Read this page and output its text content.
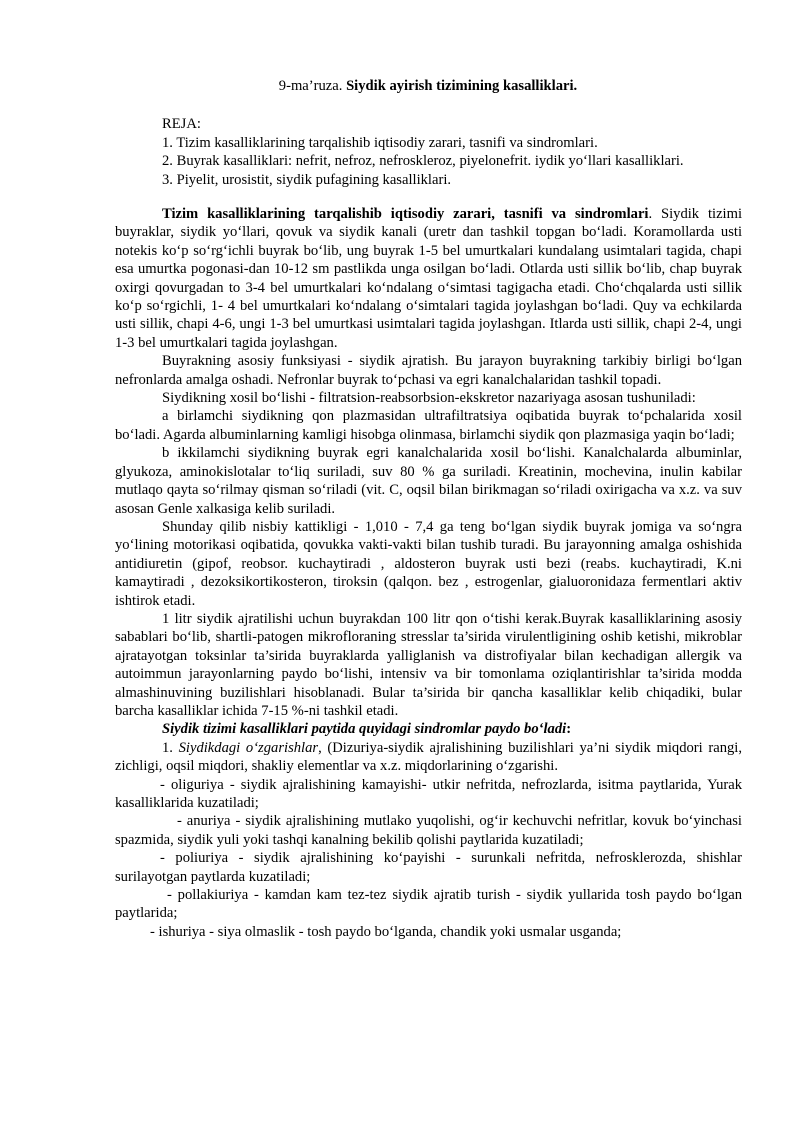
9-ma’ruza. Siydik ayirish tizimining kasalliklari.
REJA:
1. Tizim kasalliklarining tarqalishib iqtisodiy zarari, tasnifi va sindromlari.
2. Buyrak kasalliklari: nefrit, nefroz, nefroskleroz, piyelonefrit. iydik yo‘llari kasalliklari.
3. Piyelit, urosistit, siydik pufagining kasalliklari.

Tizim kasalliklarining tarqalishib iqtisodiy zarari, tasnifi va sindromlari. Siydik tizimi buyraklar, siydik yo‘llari, qovuk va siydik kanali (uretr dan tashkil topgan bo‘ladi. Koramollarda usti notekis ko‘p so‘rg‘ichli buyrak bo‘lib, ung buyrak 1-5 bel umurtkalari kundalang usimtalari tagida, chapi esa umurtka pogonasi-dan 10-12 sm pastlikda unga osilgan bo‘ladi. Otlarda usti sillik bo‘lib, chap buyrak oxirgi qovurgadan to 3-4 bel umurtkalari ko‘ndalang o‘simtasi tagigacha etadi. Cho‘chqalarda usti sillik ko‘p so‘rgichli, 1- 4 bel umurtkalari ko‘ndalang o‘simtalari tagida joylashgan bo‘ladi. Quy va echkilarda usti sillik, chapi 4-6, ungi 1-3 bel umurtkasi usimtalari tagida joylashgan. Itlarda usti sillik, chapi 2-4, ungi 1-3 bel umurtkalari tagida joylashgan.

Buyrakning asosiy funksiyasi - siydik ajratish. Bu jarayon buyrakning tarkibiy birligi bo‘lgan nefronlarda amalga oshadi. Nefronlar buyrak to‘pchasi va egri kanalchalaridan tashkil topadi.

Siydikning xosil bo‘lishi - filtratsion-reabsorbsion-ekskretor nazariyaga asosan tushuniladi:

a birlamchi siydikning qon plazmasidan ultrafiltratsiya oqibatida buyrak to‘pchalarida xosil bo‘ladi. Agarda albuminlarning kamligi hisobga olinmasa, birlamchi siydik qon plazmasiga yaqin bo‘ladi;

b ikkilamchi siydikning buyrak egri kanalchalarida xosil bo‘lishi. Kanalchalarda albuminlar, glyukoza, aminokislotalar to‘liq suriladi, suv 80 % ga suriladi. Kreatinin, mochevina, inulin kabilar mutlaqo qayta so‘rilmay qisman so‘riladi (vit. C, oqsil bilan birikmagan so‘riladi oxirigacha va x.z. va suv asosan Genle xalkasiga kelib suriladi.

Shunday qilib nisbiy kattikligi - 1,010 - 7,4 ga teng bo‘lgan siydik buyrak jomiga va so‘ngra yo‘lining motorikasi oqibatida, qovukka vakti-vakti bilan tushib turadi. Bu jarayonning amalga oshishida antidiuretin (gipof, reobsor. kuchaytiradi , aldosteron buyrak usti bezi (reabs. kuchaytiradi, K.ni kamaytiradi , dezoksikortikosteron, tiroksin (qalqon. bez , estrogenlar, gialuoronidaza fermentlari aktiv ishtirok etadi.

1 litr siydik ajratilishi uchun buyrakdan 100 litr qon o‘tishi kerak.Buyrak kasalliklarining asosiy sabablari bo‘lib, shartli-patogen mikrofloraning stresslar ta’sirida virulentligining oshib ketishi, mikroblar ajratayotgan toksinlar ta’sirida buyraklarda yalliglanish va distrofiyalar bilan kechadigan allergik va autoimmun jarayonlarning paydo bo‘lishi, intensiv va bir tomonlama oziqlantirishlar ta’sirida modda almashinuvining buzilishlari hisoblanadi. Bular ta’sirida bir qancha kasalliklar kelib chiqadiki, bular barcha kasalliklar ichida 7-15 %-ni tashkil etadi.

Siydik tizimi kasalliklari paytida quyidagi sindromlar paydo bo‘ladi:

1. Siydikdagi o‘zgarishlar, (Dizuriya-siydik ajralishining buzilishlari ya’ni siydik miqdori rangi, zichligi, oqsil miqdori, shakliy elementlar va x.z. miqdorlarining o‘zgarishi.

- oliguriya - siydik ajralishining kamayishi- utkir nefritda, nefrozlarda, isitma paytlarida, Yurak kasalliklarida kuzatiladi;

- anuriya - siydik ajralishining mutlako yuqolishi, og‘ir kechuvchi nefritlar, kovuk bo‘yinchasi spazmida, siydik yuli yoki tashqi kanalning bekilib qolishi paytlarida kuzatiladi;

- poliuriya - siydik ajralishining ko‘payishi - surunkali nefritda, nefrosklerozda, shishlar surilayotgan paytlarda kuzatiladi;

- pollakiuriya - kamdan kam tez-tez siydik ajratib turish - siydik yullarida tosh paydo bo‘lgan paytlarida;

- ishuriya - siya olmaslik - tosh paydo bo‘lganda, chandik yoki usmalar usganda;
